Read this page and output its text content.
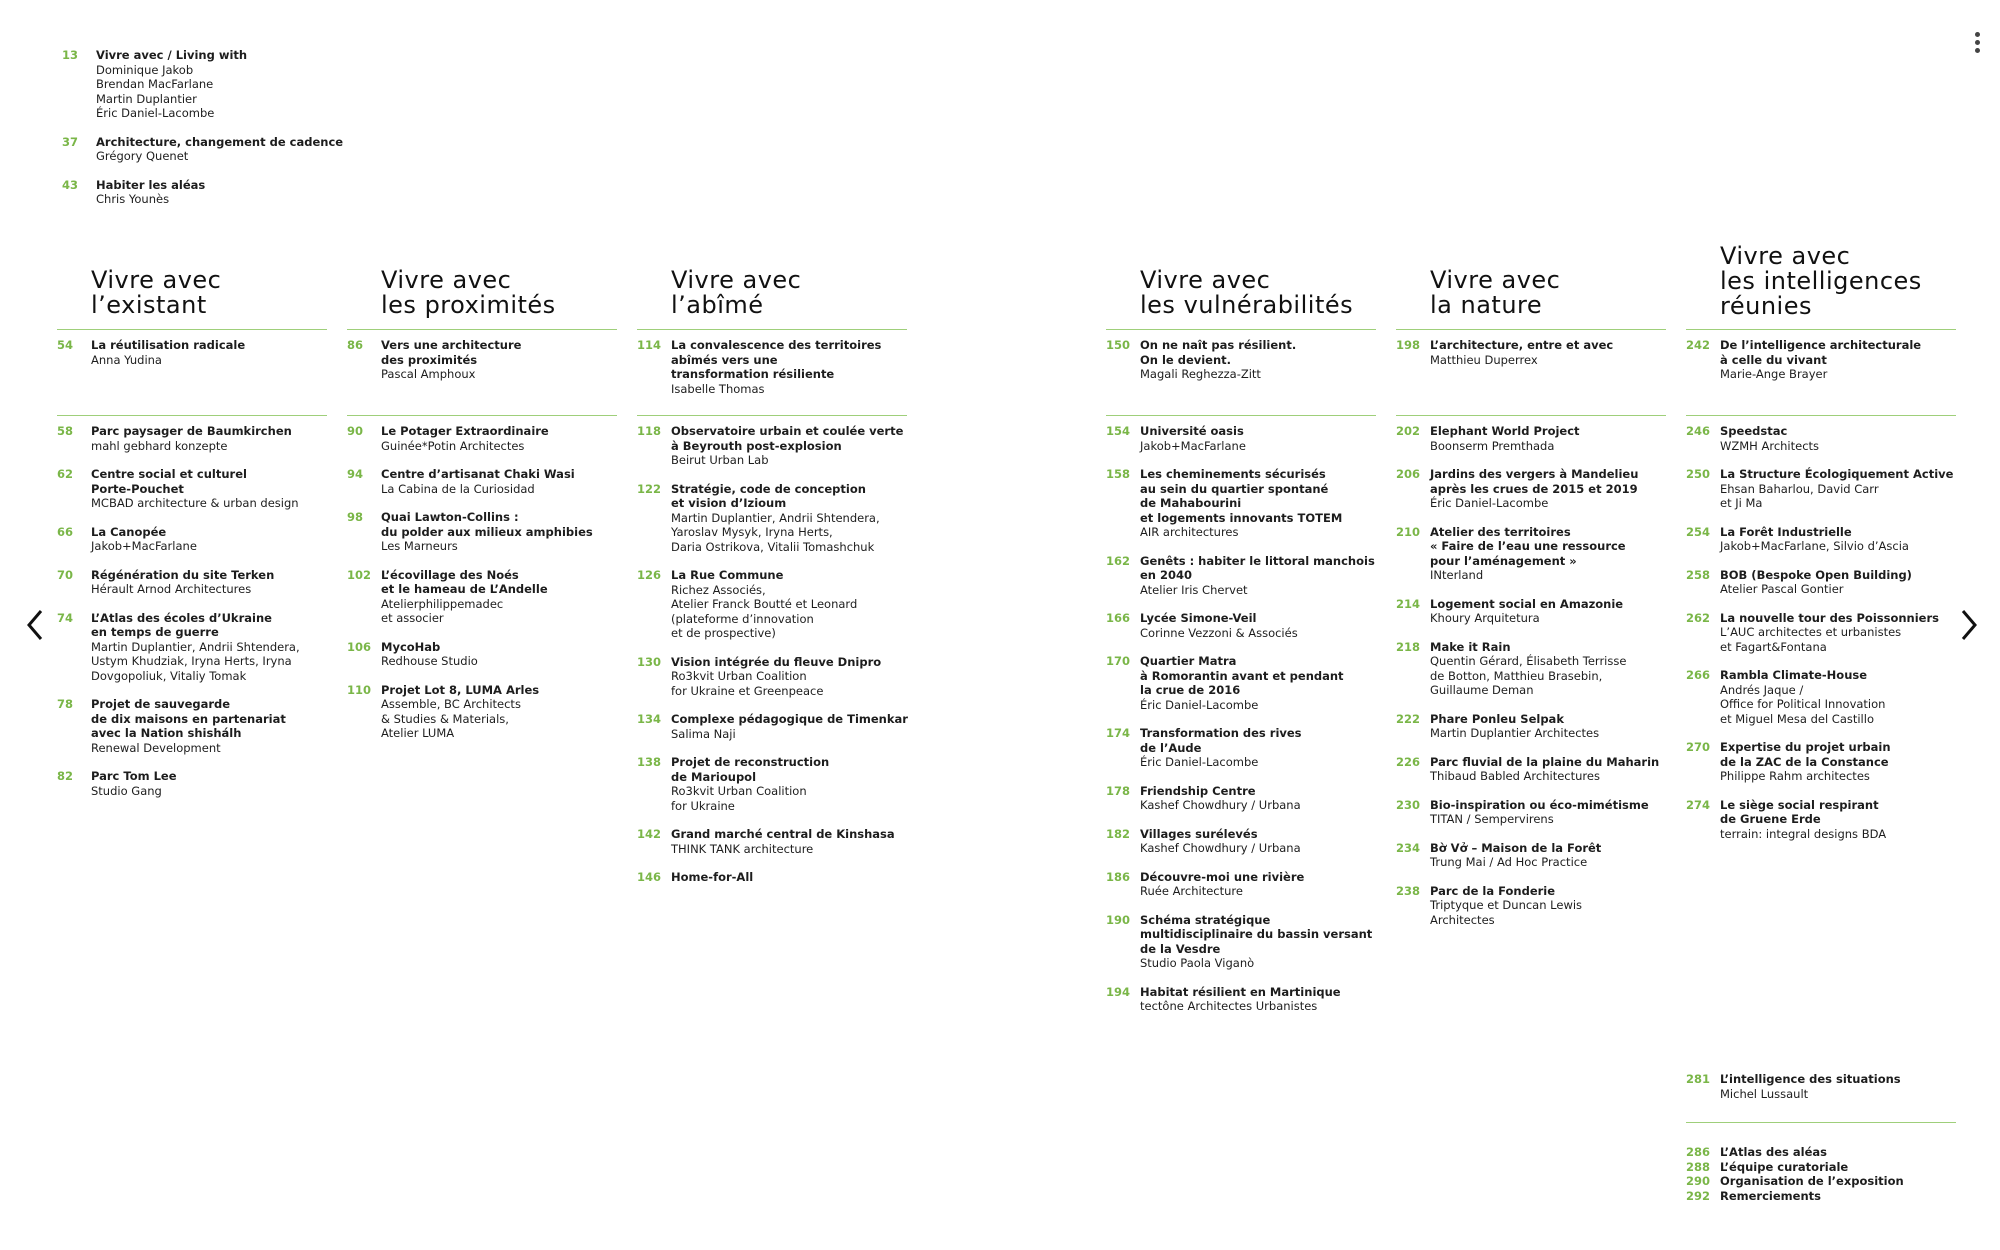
13	Vivre avec / Living with
Dominique Jakob
Brendan MacFarlane
Martin Duplantier
Éric Daniel-Lacombe
37	Architecture, changement de cadence
Grégory Quenet
43	Habiter les aléas
Chris Younès
Vivre avec
l’existant
54	La réutilisation radicale
Anna Yudina
58	Parc paysager de Baumkirchen
mahl gebhard konzepte
62	Centre social et culturel
Porte-Pouchet
MCBAD architecture & urban design
66	La Canopée
Jakob+MacFarlane
70	Régénération du site Terken
Hérault Arnod Architectures
74	L’Atlas des écoles d’Ukraine
en temps de guerre
Martin Duplantier, Andrii Shtendera,
Ustym Khudziak, Iryna Herts, Iryna
Dovgopoliuk, Vitaliy Tomak
78	Projet de sauvegarde
de dix maisons en partenariat
avec la Nation shishálh
Renewal Development
82	Parc Tom Lee
Studio Gang
Vivre avec
les proximités
86	Vers une architecture
des proximités
Pascal Amphoux
90	Le Potager Extraordinaire
Guinée*Potin Architectes
94	Centre d’artisanat Chaki Wasi
La Cabina de la Curiosidad
98	Quai Lawton-Collins :
du polder aux milieux amphibies
Les Marneurs
102 L’écovillage des Noés
et le hameau de L’Andelle
Atelierphilippemadec
et associer
106 MycoHab
Redhouse Studio
110 Projet Lot 8, LUMA Arles
Assemble, BC Architects
& Studies & Materials,
Atelier LUMA
Vivre avec
l’abîmé
114 La convalescence des territoires
abîmés vers une
transformation résiliente
Isabelle Thomas
118 Observatoire urbain et coulée verte
à Beyrouth post-explosion
Beirut Urban Lab
122 Stratégie, code de conception
et vision d’Izioum
Martin Duplantier, Andrii Shtendera,
Yaroslav Mysyk, Iryna Herts,
Daria Ostrikova, Vitalii Tomashchuk
126 La Rue Commune
Richez Associés,
Atelier Franck Boutté et Leonard
(plateforme d’innovation
et de prospective)
130 Vision intégrée du fleuve Dnipro
Ro3kvit Urban Coalition
for Ukraine et Greenpeace
134 Complexe pédagogique de Timenkar
Salima Naji
138 Projet de reconstruction
de Marioupol
Ro3kvit Urban Coalition
for Ukraine
142 Grand marché central de Kinshasa
THINK TANK architecture
146 Home-for-All
Vivre avec
les vulnérabilités
150 On ne naît pas résilient.
On le devient.
Magali Reghezza-Zitt
154 Université oasis
Jakob+MacFarlane
158 Les cheminements sécurisés
au sein du quartier spontané
de Mahabourini
et logements innovants TOTEM
AIR architectures
162 Genêts : habiter le littoral manchois
en 2040
Atelier Iris Chervet
166 Lycée Simone-Veil
Corinne Vezzoni & Associés
170 Quartier Matra
à Romorantin avant et pendant
la crue de 2016
Éric Daniel-Lacombe
174 Transformation des rives
de l’Aude
Éric Daniel-Lacombe
178 Friendship Centre
Kashef Chowdhury / Urbana
182 Villages surélevés
Kashef Chowdhury / Urbana
186 Découvre-moi une rivière
Ruée Architecture
190 Schéma stratégique
multidisciplinaire du bassin versant
de la Vesdre
Studio Paola Viganò
194 Habitat résilient en Martinique
tectône Architectes Urbanistes
Vivre avec
la nature
198 L’architecture, entre et avec
Matthieu Duperrex
202 Elephant World Project
Boonserm Premthada
206 Jardins des vergers à Mandelieu
après les crues de 2015 et 2019
Éric Daniel-Lacombe
210 Atelier des territoires
« Faire de l’eau une ressource
pour l’aménagement »
INterland
214 Logement social en Amazonie
Khoury Arquitetura
218 Make it Rain
Quentin Gérard, Élisabeth Terrisse
de Botton, Matthieu Brasebin,
Guillaume Deman
222 Phare Ponleu Selpak
Martin Duplantier Architectes
226 Parc fluvial de la plaine du Maharin
Thibaud Babled Architectures
230 Bio-inspiration ou éco-mimétisme
TITAN / Sempervirens
234 Bờ Vở – Maison de la Forêt
Trung Mai / Ad Hoc Practice
238 Parc de la Fonderie
Triptyque et Duncan Lewis
Architectes
Vivre avec
les intelligences
réunies
242 De l’intelligence architecturale
à celle du vivant
Marie-Ange Brayer
246 Speedstac
WZMH Architects
250 La Structure Écologiquement Active
Ehsan Baharlou, David Carr
et Ji Ma
254 La Forêt Industrielle
Jakob+MacFarlane, Silvio d’Ascia
258 BOB (Bespoke Open Building)
Atelier Pascal Gontier
262 La nouvelle tour des Poissonniers
L’AUC architectes et urbanistes
et Fagart&Fontana
266 Rambla Climate-House
Andrés Jaque /
Office for Political Innovation
et Miguel Mesa del Castillo
270 Expertise du projet urbain
de la ZAC de la Constance
Philippe Rahm architectes
274 Le siège social respirant
de Gruene Erde
terrain: integral designs BDA
281 L’intelligence des situations
Michel Lussault
286 L’Atlas des aléas
288 L’équipe curatoriale
290 Organisation de l’exposition
292 Remerciements
